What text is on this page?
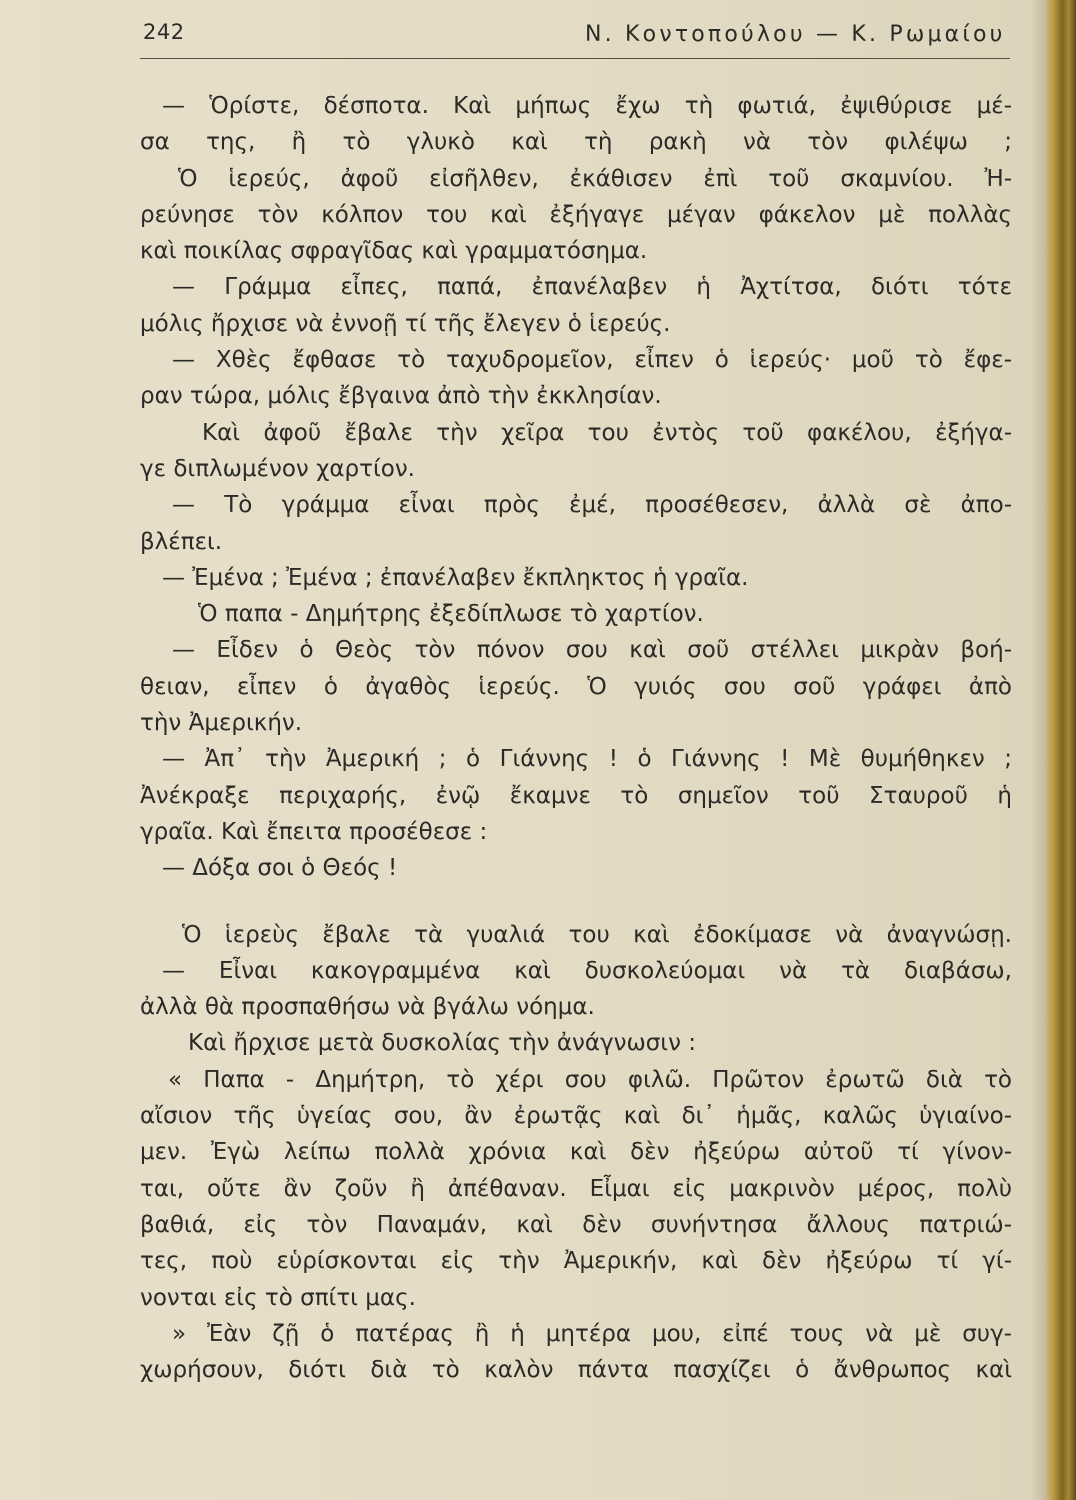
242	Ν. Κοντοπούλου — Κ. Ρωμαίου
— Ὁρίστε, δέσποτα. Καὶ μήπως ἔχω τὴ φωτιά, ἐψιθύρισε μέ-
σα της, ἢ τὸ γλυκὸ καὶ τὴ ρακὴ νὰ τὸν φιλέψω ;
Ὁ ἱερεύς, ἀφοῦ εἰσῆλθεν, ἐκάθισεν ἐπὶ τοῦ σκαμνίου. Ἠ-
ρεύνησε τὸν κόλπον του καὶ ἐξήγαγε μέγαν φάκελον μὲ πολλὰς
καὶ ποικίλας σφραγῖδας καὶ γραμματόσημα.
— Γράμμα εἶπες, παπά, ἐπανέλαβεν ἡ Ἀχτίτσα, διότι τότε
μόλις ἤρχισε νὰ ἐννοῇ τί τῆς ἔλεγεν ὁ ἱερεύς.
— Χθὲς ἔφθασε τὸ ταχυδρομεῖον, εἶπεν ὁ ἱερεύς· μοῦ τὸ ἔφε-
ραν τώρα, μόλις ἔβγαινα ἀπὸ τὴν ἐκκλησίαν.
Καὶ ἀφοῦ ἔβαλε τὴν χεῖρα του ἐντὸς τοῦ φακέλου, ἐξήγα-
γε διπλωμένον χαρτίον.
— Τὸ γράμμα εἶναι πρὸς ἐμέ, προσέθεσεν, ἀλλὰ σὲ ἀπο-
βλέπει.
— Ἐμένα ; Ἐμένα ; ἐπανέλαβεν ἔκπληκτος ἡ γραῖα.
Ὁ παπα - Δημήτρης ἐξεδίπλωσε τὸ χαρτίον.
— Εἶδεν ὁ Θεὸς τὸν πόνον σου καὶ σοῦ στέλλει μικρὰν βοή-
θειαν, εἶπεν ὁ ἀγαθὸς ἱερεύς. Ὁ γυιός σου σοῦ γράφει ἀπὸ
τὴν Ἀμερικήν.
— Ἀπ᾿ τὴν Ἀμερική ; ὁ Γιάννης ! ὁ Γιάννης ! Μὲ θυμήθηκεν ;
Ἀνέκραξε περιχαρής, ἐνῷ ἔκαμνε τὸ σημεῖον τοῦ Σταυροῦ ἡ
γραῖα. Καὶ ἔπειτα προσέθεσε :
— Δόξα σοι ὁ Θεός !
Ὁ ἱερεὺς ἔβαλε τὰ γυαλιά του καὶ ἐδοκίμασε νὰ ἀναγνώσῃ.
— Εἶναι κακογραμμένα καὶ δυσκολεύομαι νὰ τὰ διαβάσω,
ἀλλὰ θὰ προσπαθήσω νὰ βγάλω νόημα.
Καὶ ἤρχισε μετὰ δυσκολίας τὴν ἀνάγνωσιν :
« Παπα - Δημήτρη, τὸ χέρι σου φιλῶ. Πρῶτον ἐρωτῶ διὰ τὸ
αἴσιον τῆς ὑγείας σου, ἂν ἐρωτᾷς καὶ δι᾿ ἡμᾶς, καλῶς ὑγιαίνο-
μεν. Ἐγὼ λείπω πολλὰ χρόνια καὶ δὲν ἠξεύρω αὐτοῦ τί γίνον-
ται, οὔτε ἂν ζοῦν ἢ ἀπέθαναν. Εἶμαι εἰς μακρινὸν μέρος, πολὺ
βαθιά, εἰς τὸν Παναμάν, καὶ δὲν συνήντησα ἄλλους πατριώ-
τες, ποὺ εὑρίσκονται εἰς τὴν Ἀμερικήν, καὶ δὲν ἠξεύρω τί γί-
νονται εἰς τὸ σπίτι μας.
» Ἐὰν ζῇ ὁ πατέρας ἢ ἡ μητέρα μου, εἰπέ τους νὰ μὲ συγ-
χωρήσουν, διότι διὰ τὸ καλὸν πάντα πασχίζει ὁ ἄνθρωπος καὶ
